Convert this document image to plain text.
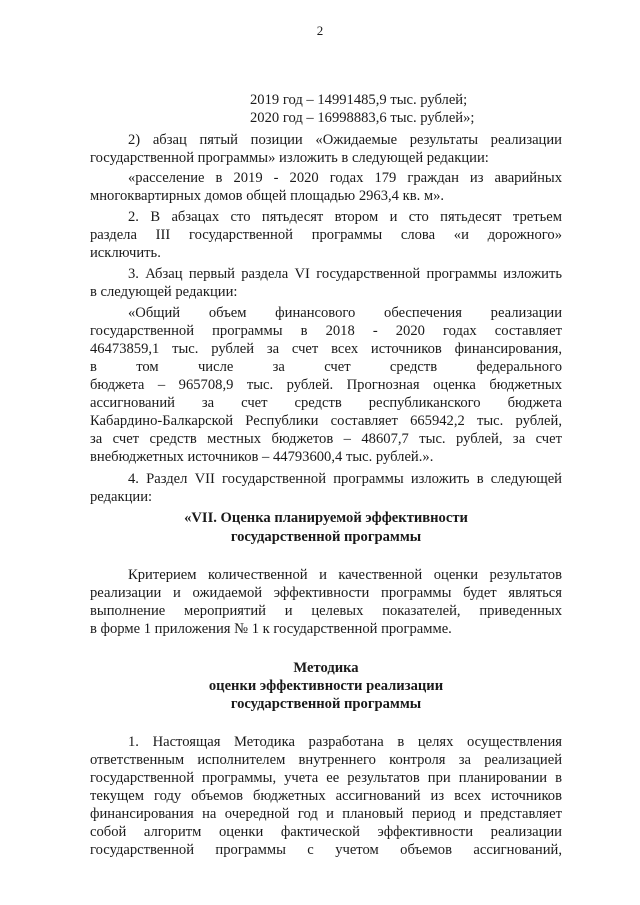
2
2019 год – 14991485,9 тыс. рублей;
2020 год – 16998883,6 тыс. рублей»;
2) абзац пятый позиции «Ожидаемые результаты реализации
государственной программы» изложить в следующей редакции:
«расселение в 2019 - 2020 годах 179 граждан из аварийных
многоквартирных домов общей площадью 2963,4 кв. м».
2. В абзацах сто пятьдесят втором и сто пятьдесят третьем
раздела III государственной программы слова «и дорожного»
исключить.
3. Абзац первый раздела VI государственной программы изложить
в следующей редакции:
«Общий объем финансового обеспечения реализации
государственной программы в 2018 - 2020 годах составляет
46473859,1 тыс. рублей за счет всех источников финансирования,
в том числе за счет средств федерального
бюджета – 965708,9 тыс. рублей. Прогнозная оценка бюджетных
ассигнований за счет средств республиканского бюджета
Кабардино-Балкарской Республики составляет 665942,2 тыс. рублей,
за счет средств местных бюджетов – 48607,7 тыс. рублей, за счет
внебюджетных источников – 44793600,4 тыс. рублей.».
4. Раздел VII государственной программы изложить в следующей
редакции:
«VII. Оценка планируемой эффективности
государственной программы
Критерием количественной и качественной оценки результатов
реализации и ожидаемой эффективности программы будет являться
выполнение мероприятий и целевых показателей, приведенных
в форме 1 приложения № 1 к государственной программе.
Методика
оценки эффективности реализации
государственной программы
1. Настоящая Методика разработана в целях осуществления
ответственным исполнителем внутреннего контроля за реализацией
государственной программы, учета ее результатов при планировании в
текущем году объемов бюджетных ассигнований из всех источников
финансирования на очередной год и плановый период и представляет
собой алгоритм оценки фактической эффективности реализации
государственной программы с учетом объемов ассигнований,
